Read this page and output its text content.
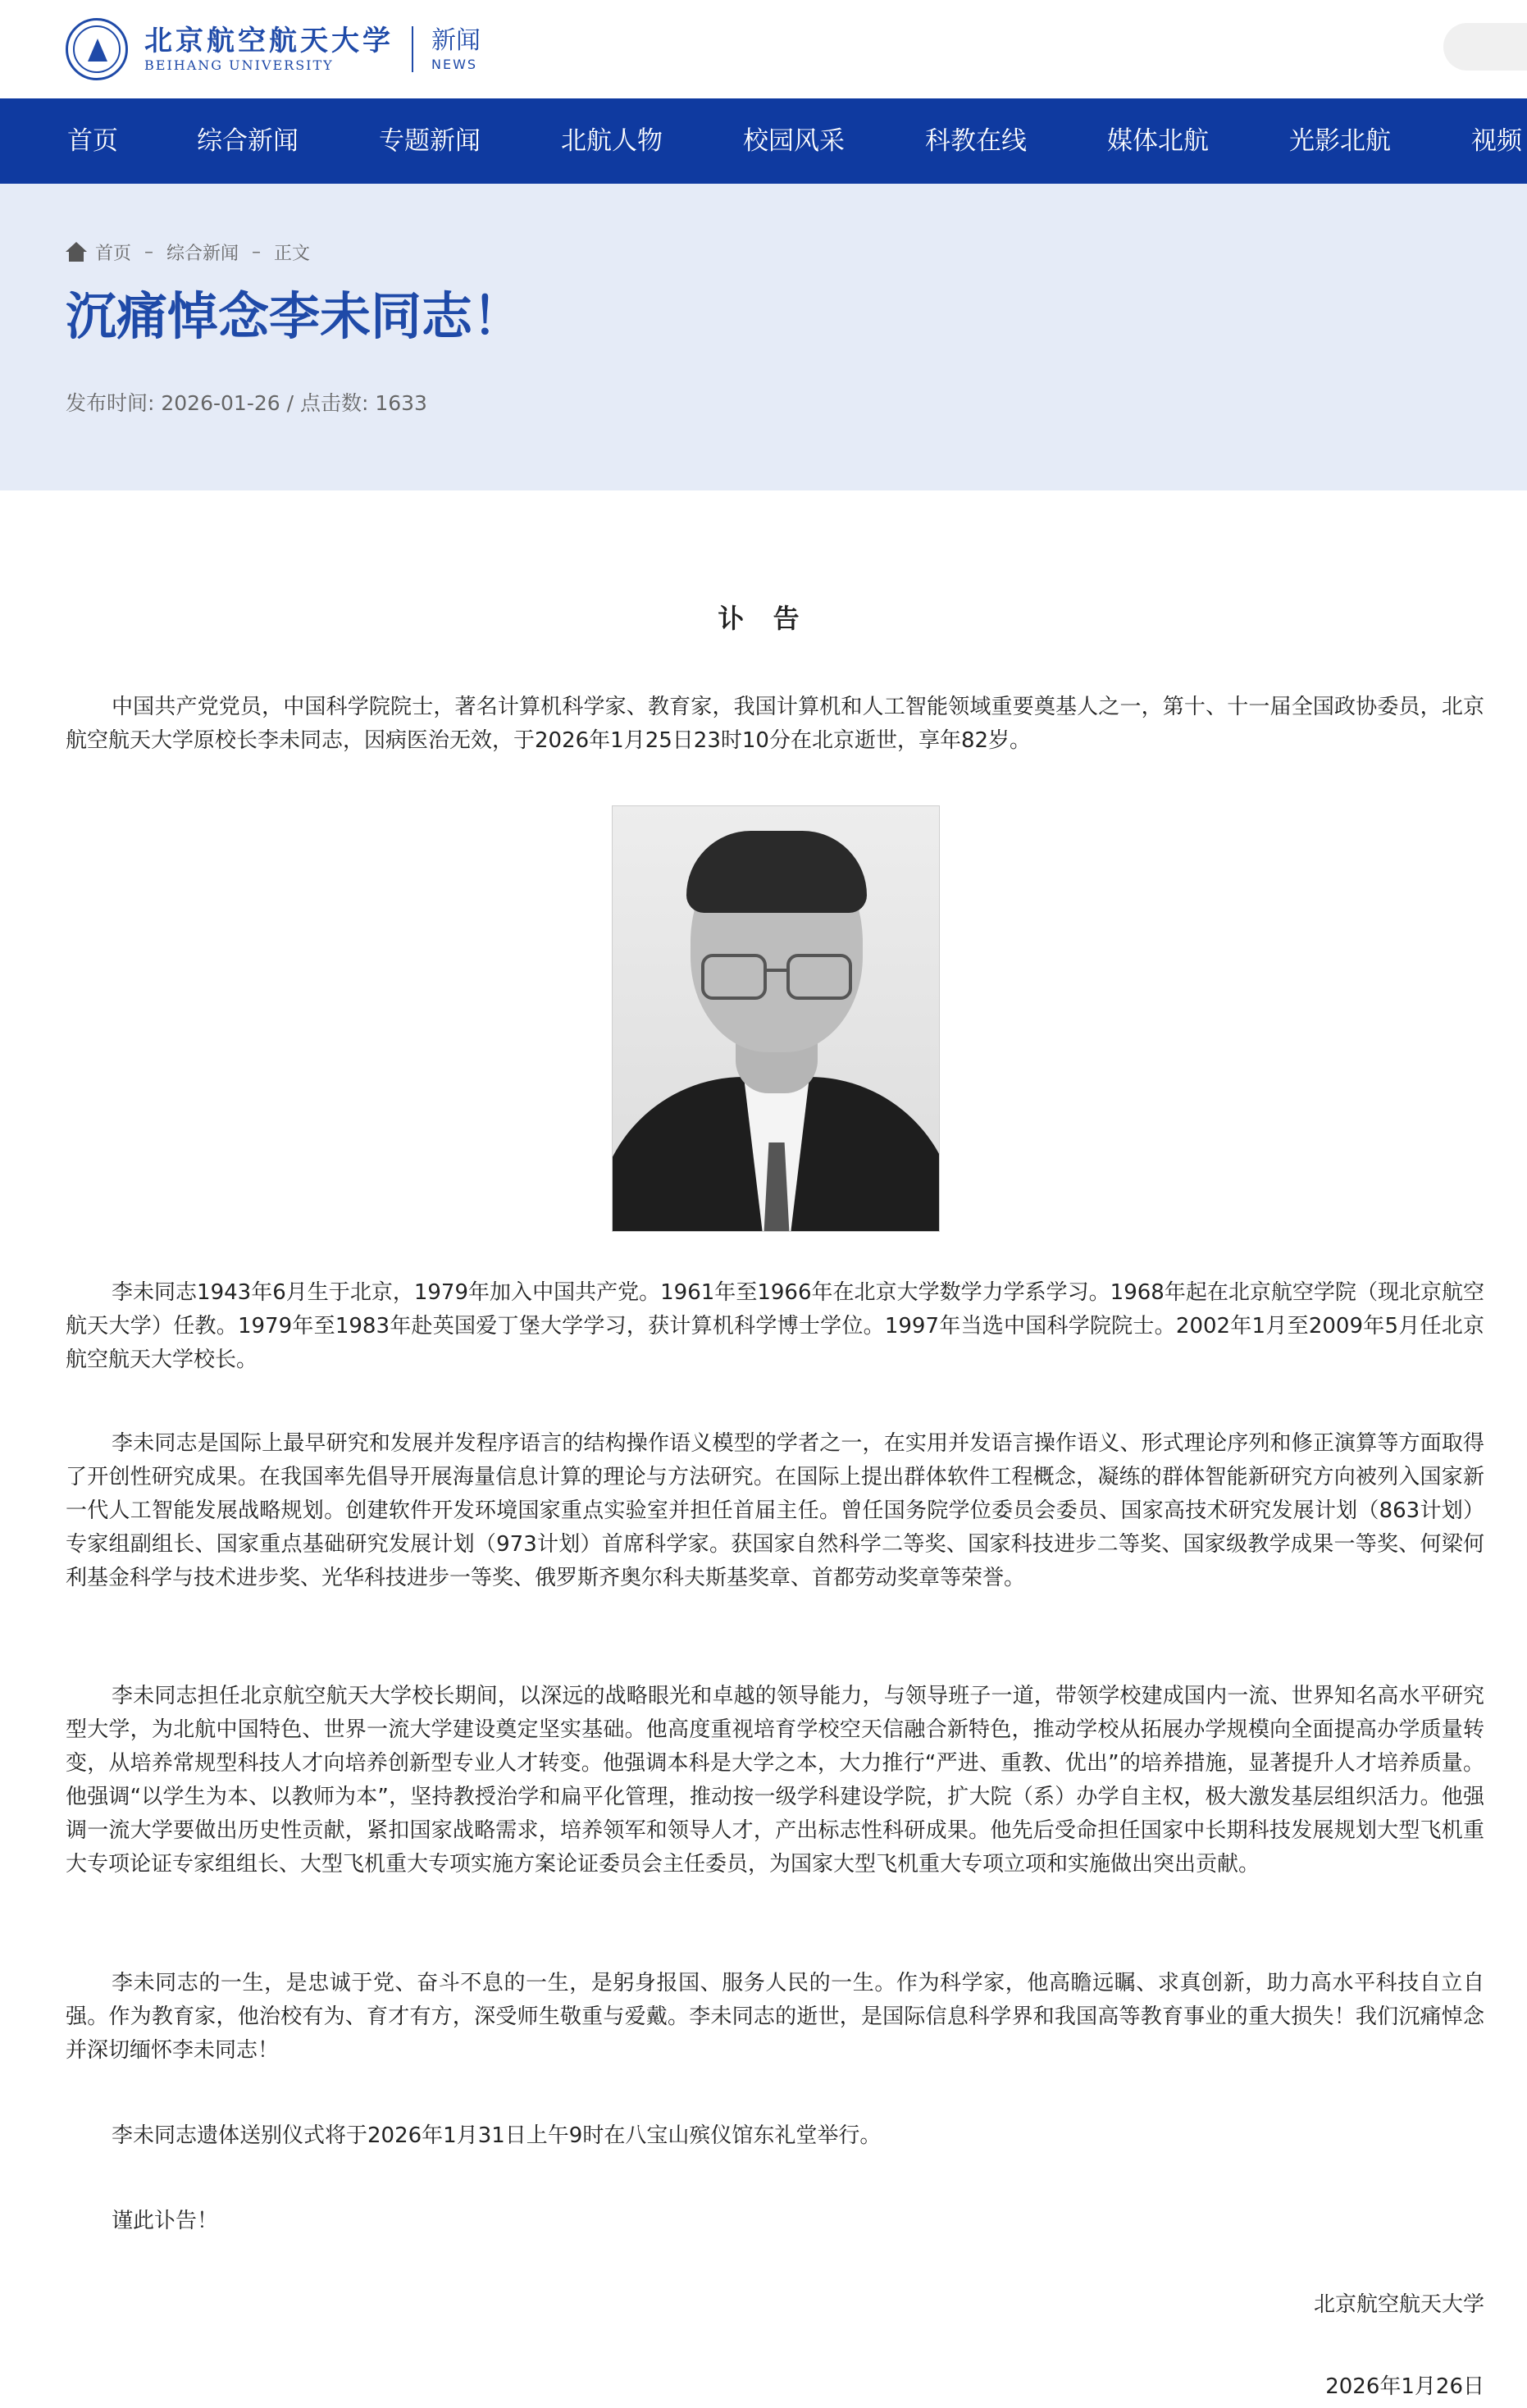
北京航空航天大学
BEIHANG UNIVERSITY
新闻
NEWS
首页	综合新闻	专题新闻	北航人物	校园风采	科教在线	媒体北航	光影北航	视频
首页 – 综合新闻 – 正文
沉痛悼念李未同志！
发布时间: 2026-01-26 / 点击数: 1633
讣 告

中国共产党党员，中国科学院院士，著名计算机科学家、教育家，我国计算机和人工智能领域重要奠基人之一，第十、十一届全国政协委员，北京航空航天大学原校长李未同志，因病医治无效，于2026年1月25日23时10分在北京逝世，享年82岁。

李未同志1943年6月生于北京，1979年加入中国共产党。1961年至1966年在北京大学数学力学系学习。1968年起在北京航空学院（现北京航空航天大学）任教。1979年至1983年赴英国爱丁堡大学学习，获计算机科学博士学位。1997年当选中国科学院院士。2002年1月至2009年5月任北京航空航天大学校长。

李未同志是国际上最早研究和发展并发程序语言的结构操作语义模型的学者之一，在实用并发语言操作语义、形式理论序列和修正演算等方面取得了开创性研究成果。在我国率先倡导开展海量信息计算的理论与方法研究。在国际上提出群体软件工程概念，凝练的群体智能新研究方向被列入国家新一代人工智能发展战略规划。创建软件开发环境国家重点实验室并担任首届主任。曾任国务院学位委员会委员、国家高技术研究发展计划（863计划）专家组副组长、国家重点基础研究发展计划（973计划）首席科学家。获国家自然科学二等奖、国家科技进步二等奖、国家级教学成果一等奖、何梁何利基金科学与技术进步奖、光华科技进步一等奖、俄罗斯齐奥尔科夫斯基奖章、首都劳动奖章等荣誉。

李未同志担任北京航空航天大学校长期间，以深远的战略眼光和卓越的领导能力，与领导班子一道，带领学校建成国内一流、世界知名高水平研究型大学，为北航中国特色、世界一流大学建设奠定坚实基础。他高度重视培育学校空天信融合新特色，推动学校从拓展办学规模向全面提高办学质量转变，从培养常规型科技人才向培养创新型专业人才转变。他强调本科是大学之本，大力推行“严进、重教、优出”的培养措施，显著提升人才培养质量。他强调“以学生为本、以教师为本”，坚持教授治学和扁平化管理，推动按一级学科建设学院，扩大院（系）办学自主权，极大激发基层组织活力。他强调一流大学要做出历史性贡献，紧扣国家战略需求，培养领军和领导人才，产出标志性科研成果。他先后受命担任国家中长期科技发展规划大型飞机重大专项论证专家组组长、大型飞机重大专项实施方案论证委员会主任委员，为国家大型飞机重大专项立项和实施做出突出贡献。

李未同志的一生，是忠诚于党、奋斗不息的一生，是躬身报国、服务人民的一生。作为科学家，他高瞻远瞩、求真创新，助力高水平科技自立自强。作为教育家，他治校有为、育才有方，深受师生敬重与爱戴。李未同志的逝世，是国际信息科学界和我国高等教育事业的重大损失！我们沉痛悼念并深切缅怀李未同志！

李未同志遗体送别仪式将于2026年1月31日上午9时在八宝山殡仪馆东礼堂举行。

谨此讣告！

北京航空航天大学
2026年1月26日
